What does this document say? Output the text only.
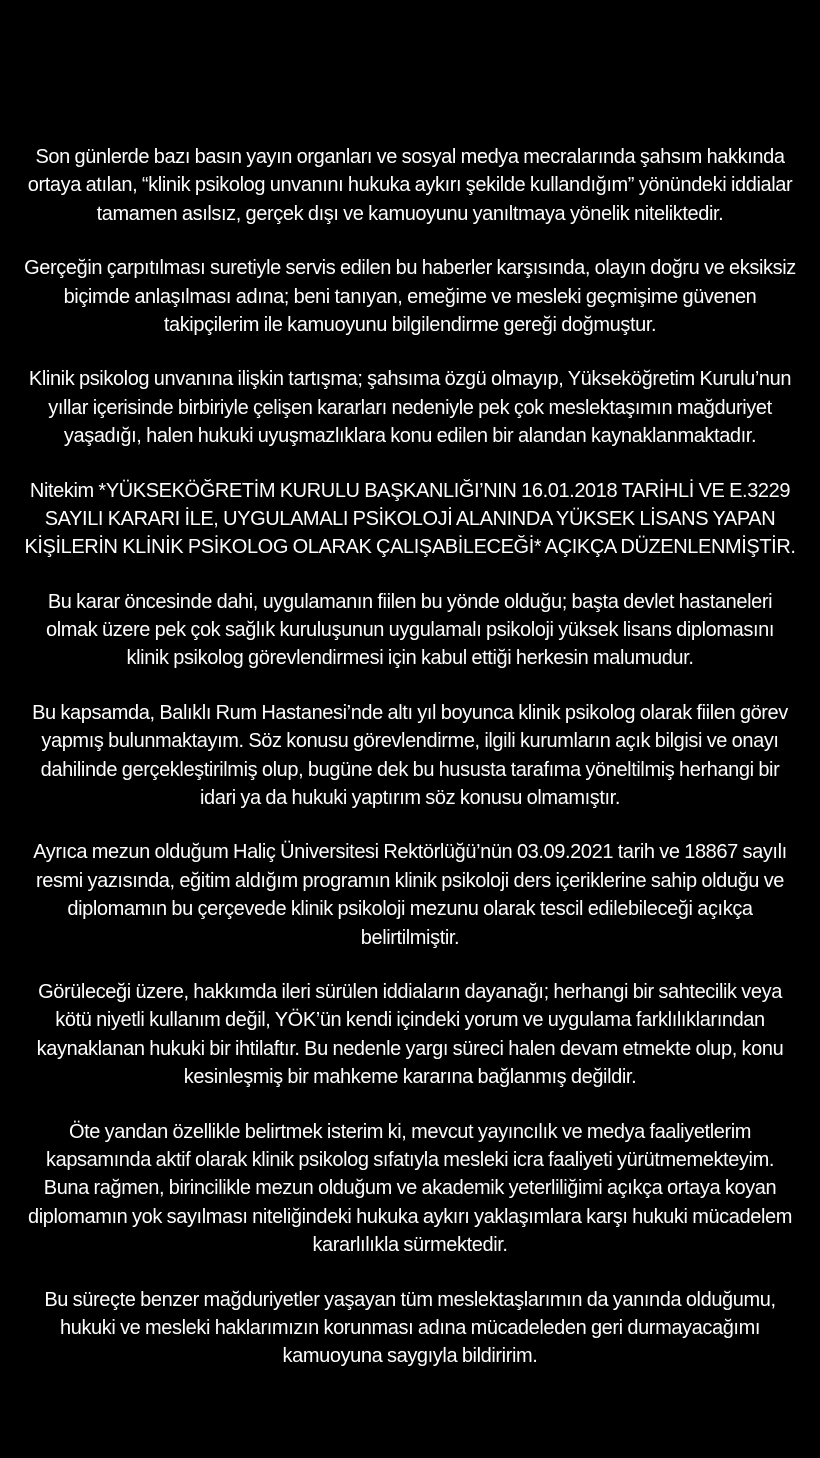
Son günlerde bazı basın yayın organları ve sosyal medya mecralarında şahsım hakkında ortaya atılan, “klinik psikolog unvanını hukuka aykırı şekilde kullandığım” yönündeki iddialar tamamen asılsız, gerçek dışı ve kamuoyunu yanıltmaya yönelik niteliktedir.

Gerçeğin çarpıtılması suretiyle servis edilen bu haberler karşısında, olayın doğru ve eksiksiz biçimde anlaşılması adına; beni tanıyan, emeğime ve mesleki geçmişime güvenen takipçilerim ile kamuoyunu bilgilendirme gereği doğmuştur.

Klinik psikolog unvanına ilişkin tartışma; şahsıma özgü olmayıp, Yükseköğretim Kurulu’nun yıllar içerisinde birbiriyle çelişen kararları nedeniyle pek çok meslektaşımın mağduriyet yaşadığı, halen hukuki uyuşmazlıklara konu edilen bir alandan kaynaklanmaktadır.

Nitekim *YÜKSEKÖĞRETİM KURULU BAŞKANLIĞI’NIN 16.01.2018 TARİHLİ VE E.3229 SAYILI KARARI İLE, UYGULAMALI PSİKOLOJİ ALANINDA YÜKSEK LİSANS YAPAN KİŞİLERİN KLİNİK PSİKOLOG OLARAK ÇALIŞABİLECEĞİ* AÇIKÇA DÜZENLENMİŞTİR.

Bu karar öncesinde dahi, uygulamanın fiilen bu yönde olduğu; başta devlet hastaneleri olmak üzere pek çok sağlık kuruluşunun uygulamalı psikoloji yüksek lisans diplomasını klinik psikolog görevlendirmesi için kabul ettiği herkesin malumudur.

Bu kapsamda, Balıklı Rum Hastanesi’nde altı yıl boyunca klinik psikolog olarak fiilen görev yapmış bulunmaktayım. Söz konusu görevlendirme, ilgili kurumların açık bilgisi ve onayı dahilinde gerçekleştirilmiş olup, bugüne dek bu hususta tarafıma yöneltilmiş herhangi bir idari ya da hukuki yaptırım söz konusu olmamıştır.

Ayrıca mezun olduğum Haliç Üniversitesi Rektörlüğü’nün 03.09.2021 tarih ve 18867 sayılı resmi yazısında, eğitim aldığım programın klinik psikoloji ders içeriklerine sahip olduğu ve diplomamın bu çerçevede klinik psikoloji mezunu olarak tescil edilebileceği açıkça belirtilmiştir.

Görüleceği üzere, hakkımda ileri sürülen iddiaların dayanağı; herhangi bir sahtecilik veya kötü niyetli kullanım değil, YÖK’ün kendi içindeki yorum ve uygulama farklılıklarından kaynaklanan hukuki bir ihtilaftır. Bu nedenle yargı süreci halen devam etmekte olup, konu kesinleşmiş bir mahkeme kararına bağlanmış değildir.

Öte yandan özellikle belirtmek isterim ki, mevcut yayıncılık ve medya faaliyetlerim kapsamında aktif olarak klinik psikolog sıfatıyla mesleki icra faaliyeti yürütmemekteyim. Buna rağmen, birincilikle mezun olduğum ve akademik yeterliliğimi açıkça ortaya koyan diplomamın yok sayılması niteliğindeki hukuka aykırı yaklaşımlara karşı hukuki mücadelem kararlılıkla sürmektedir.

Bu süreçte benzer mağduriyetler yaşayan tüm meslektaşlarımın da yanında olduğumu, hukuki ve mesleki haklarımızın korunması adına mücadeleden geri durmayacağımı kamuoyuna saygıyla bildiririm.
